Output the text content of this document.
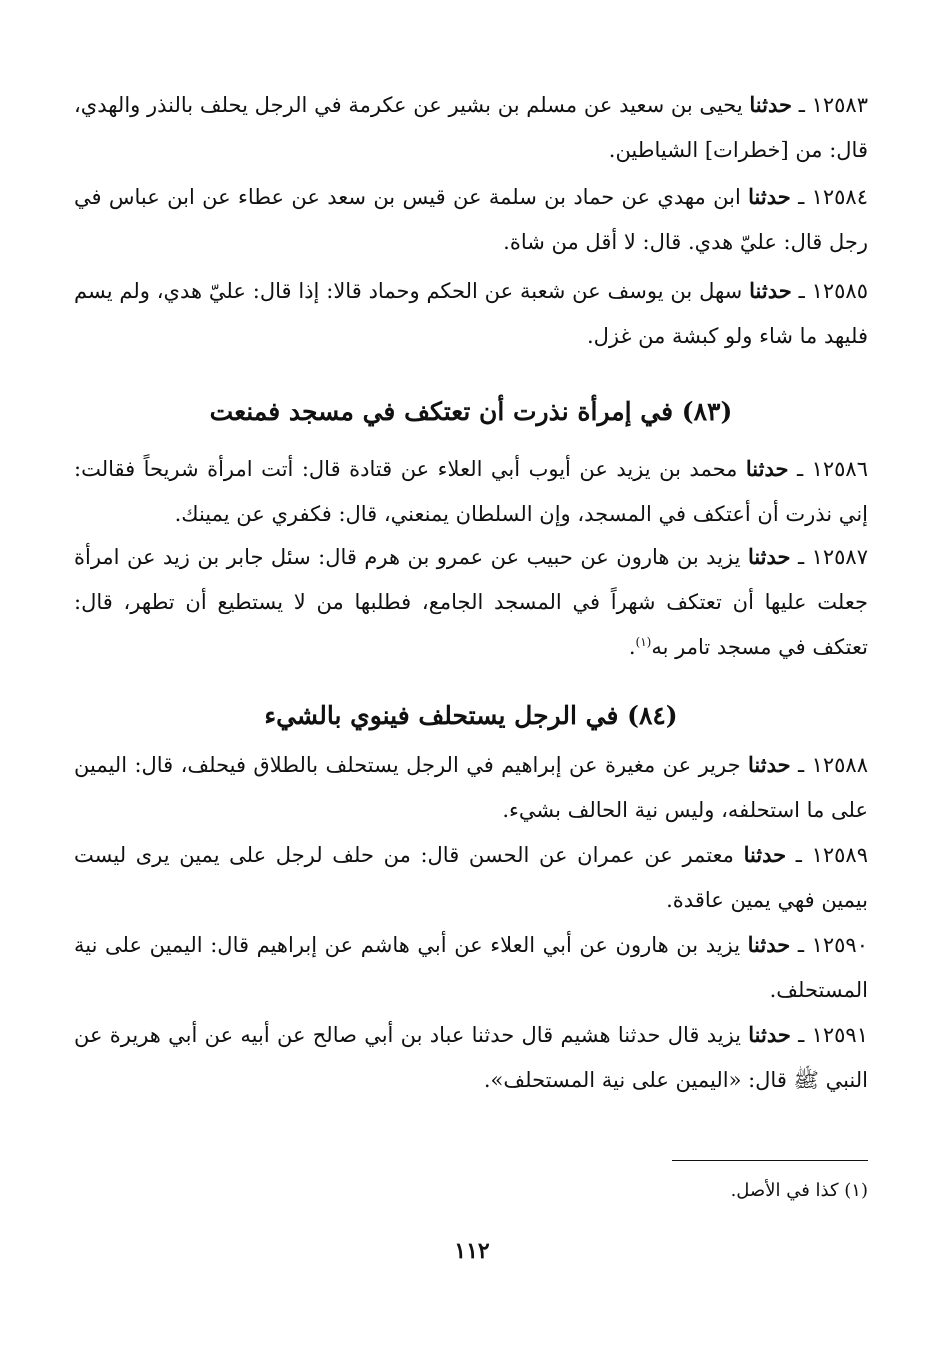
١٢٥٨٣ ـ حدثنا يحيى بن سعيد عن مسلم بن بشير عن عكرمة في الرجل يحلف بالنذر والهدي، قال: من [خطرات] الشياطين.

١٢٥٨٤ ـ حدثنا ابن مهدي عن حماد بن سلمة عن قيس بن سعد عن عطاء عن ابن عباس في رجل قال: عليّ هدي. قال: لا أقل من شاة.

١٢٥٨٥ ـ حدثنا سهل بن يوسف عن شعبة عن الحكم وحماد قالا: إذا قال: عليّ هدي، ولم يسم فليهد ما شاء ولو كبشة من غزل.

(٨٣) في إمرأة نذرت أن تعتكف في مسجد فمنعت

١٢٥٨٦ ـ حدثنا محمد بن يزيد عن أيوب أبي العلاء عن قتادة قال: أتت امرأة شريحاً فقالت: إني نذرت أن أعتكف في المسجد، وإن السلطان يمنعني، قال: فكفري عن يمينك.

١٢٥٨٧ ـ حدثنا يزيد بن هارون عن حبيب عن عمرو بن هرم قال: سئل جابر بن زيد عن امرأة جعلت عليها أن تعتكف شهراً في المسجد الجامع، فطلبها من لا يستطيع أن تطهر، قال: تعتكف في مسجد تامر به$^{(١)}$.

(٨٤) في الرجل يستحلف فينوي بالشيء

١٢٥٨٨ ـ حدثنا جرير عن مغيرة عن إبراهيم في الرجل يستحلف بالطلاق فيحلف، قال: اليمين على ما استحلفه، وليس نية الحالف بشيء.

١٢٥٨٩ ـ حدثنا معتمر عن عمران عن الحسن قال: من حلف لرجل على يمين يرى ليست بيمين فهي يمين عاقدة.

١٢٥٩٠ ـ حدثنا يزيد بن هارون عن أبي العلاء عن أبي هاشم عن إبراهيم قال: اليمين على نية المستحلف.

١٢٥٩١ ـ حدثنا يزيد قال حدثنا هشيم قال حدثنا عباد بن أبي صالح عن أبيه عن أبي هريرة عن النبي ﷺ قال: «اليمين على نية المستحلف».

(١) كذا في الأصل.
١١٢
